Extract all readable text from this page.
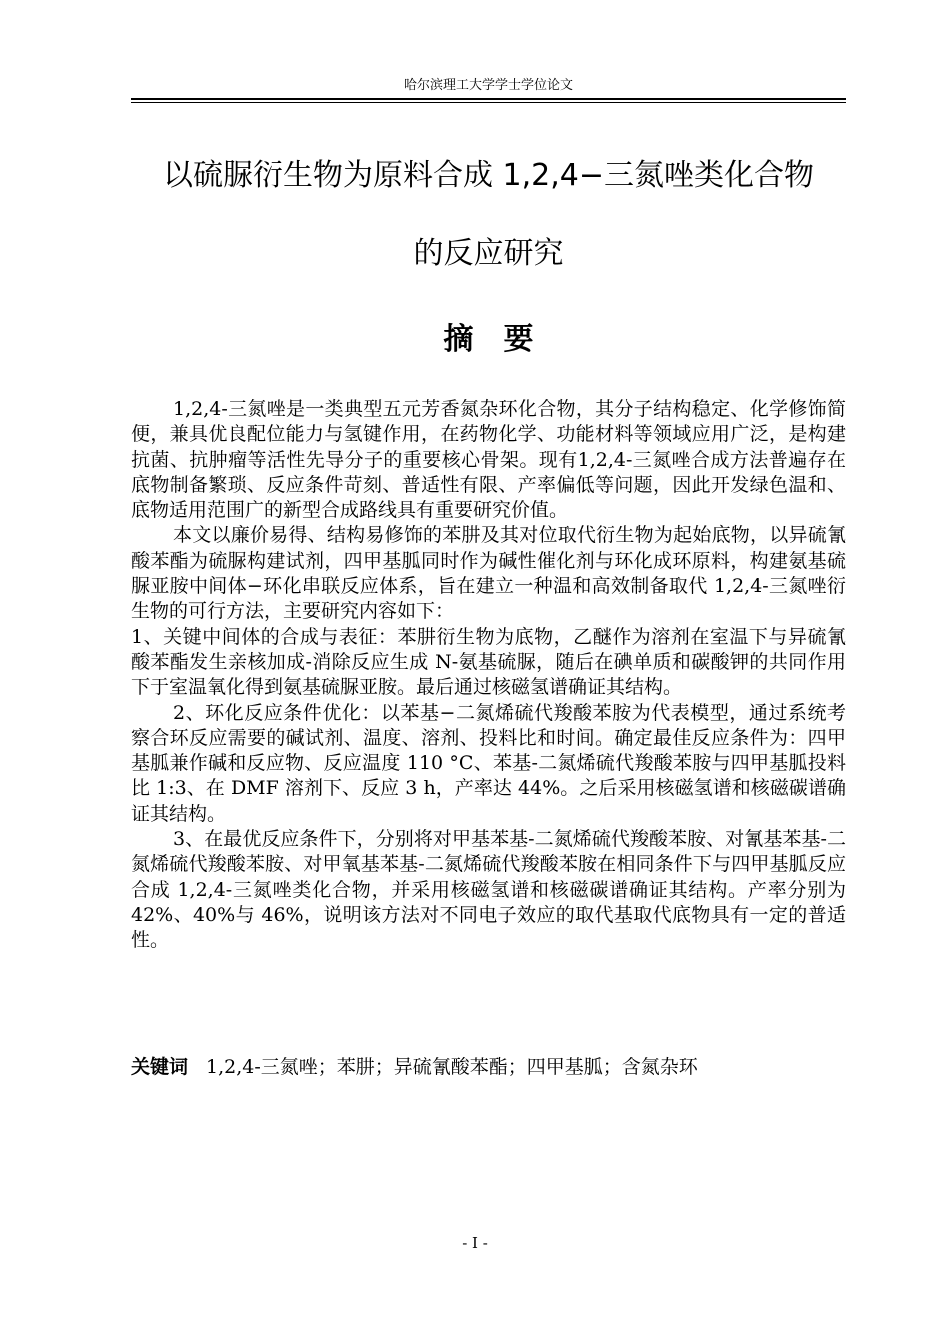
哈尔滨理工大学学士学位论文
以硫脲衍生物为原料合成 1,2,4−三氮唑类化合物
的反应研究
摘要

1,2,4-三氮唑是一类典型五元芳香氮杂环化合物，其分子结构稳定、化学修饰简便，兼具优良配位能力与氢键作用，在药物化学、功能材料等领域应用广泛，是构建抗菌、抗肿瘤等活性先导分子的重要核心骨架。现有1,2,4-三氮唑合成方法普遍存在底物制备繁琐、反应条件苛刻、普适性有限、产率偏低等问题，因此开发绿色温和、底物适用范围广的新型合成路线具有重要研究价值。

本文以廉价易得、结构易修饰的苯肼及其对位取代衍生物为起始底物，以异硫氰酸苯酯为硫脲构建试剂，四甲基胍同时作为碱性催化剂与环化成环原料，构建氨基硫脲亚胺中间体−环化串联反应体系，旨在建立一种温和高效制备取代 1,2,4-三氮唑衍生物的可行方法，主要研究内容如下：

1、关键中间体的合成与表征：苯肼衍生物为底物，乙醚作为溶剂在室温下与异硫氰酸苯酯发生亲核加成-消除反应生成 N-氨基硫脲，随后在碘单质和碳酸钾的共同作用下于室温氧化得到氨基硫脲亚胺。最后通过核磁氢谱确证其结构。

2、环化反应条件优化：以苯基−二氮烯硫代羧酸苯胺为代表模型，通过系统考察合环反应需要的碱试剂、温度、溶剂、投料比和时间。确定最佳反应条件为：四甲基胍兼作碱和反应物、反应温度 110 °C、苯基-二氮烯硫代羧酸苯胺与四甲基胍投料比 1:3、在 DMF 溶剂下、反应 3 h，产率达 44%。之后采用核磁氢谱和核磁碳谱确证其结构。

3、在最优反应条件下，分别将对甲基苯基-二氮烯硫代羧酸苯胺、对氰基苯基-二氮烯硫代羧酸苯胺、对甲氧基苯基-二氮烯硫代羧酸苯胺在相同条件下与四甲基胍反应合成 1,2,4-三氮唑类化合物，并采用核磁氢谱和核磁碳谱确证其结构。产率分别为 42%、40%与 46%，说明该方法对不同电子效应的取代基取代底物具有一定的普适性。

关键词 1,2,4-三氮唑；苯肼；异硫氰酸苯酯；四甲基胍；含氮杂环
- I -
